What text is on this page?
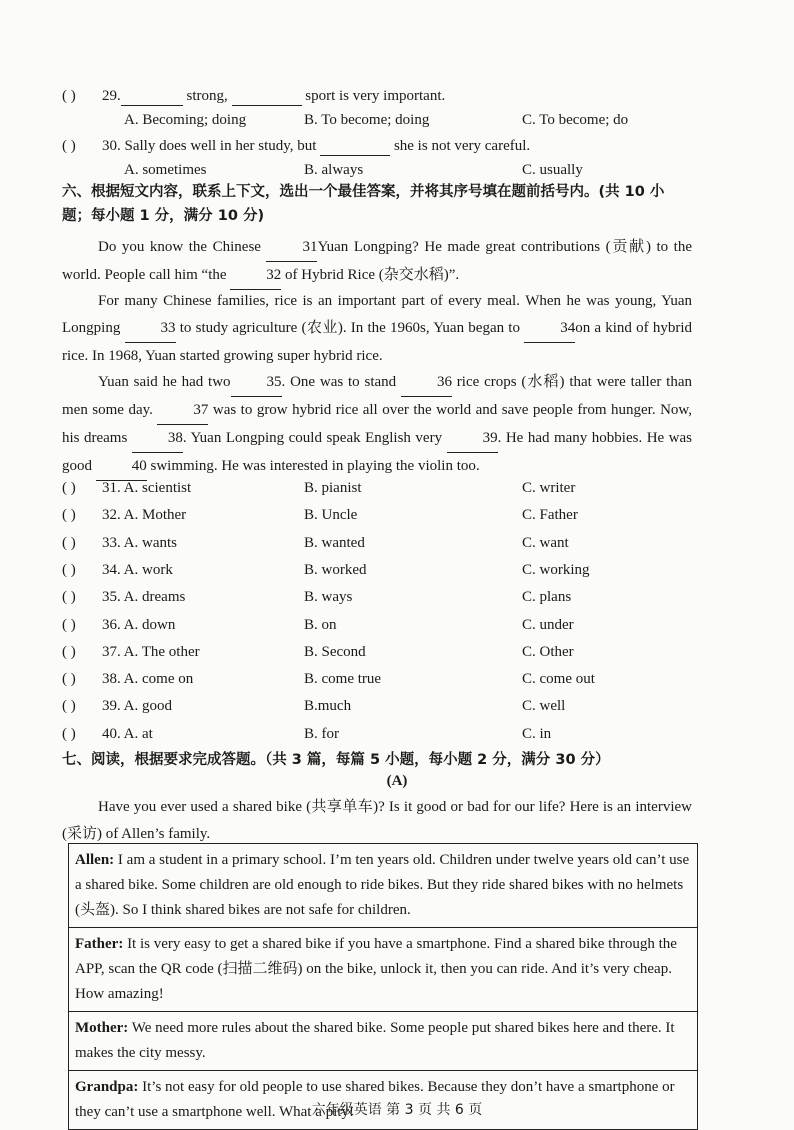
( ) 29.	strong,	sport is very important.
A. Becoming; doing	B. To become; doing	C. To become; do
( ) 30. Sally does well in her study, but	she is not very careful.
A. sometimes	B. always	C. usually
六、根据短文内容，联系上下文，选出一个最佳答案，并将其序号填在题前括号内。(共 10 小
题；每小题 1 分，满分 10 分)
Do you know the Chinese	31Yuan Longping? He made great contributions (贡献) to the world. People call him “the	32 of Hybrid Rice (杂交水稻)”.
For many Chinese families, rice is an important part of every meal. When he was young, Yuan Longping	33 to study agriculture (农业). In the 1960s, Yuan began to	34on a kind of hybrid rice. In 1968, Yuan started growing super hybrid rice.
Yuan said he had two 35. One was to stand	36 rice crops (水稻) that were taller than men some day.	37 was to grow hybrid rice all over the world and save people from hunger. Now, his dreams	38. Yuan Longping could speak English very	39. He had many hobbies. He was good	40 swimming. He was interested in playing the violin too.
( ) 31. A. scientist	B. pianist	C. writer
( ) 32. A. Mother	B. Uncle	C. Father
( ) 33. A. wants	B. wanted	C. want
( ) 34. A. work	B. worked	C. working
( ) 35. A. dreams	B. ways	C. plans
( ) 36. A. down	B. on	C. under
( ) 37. A. The other	B. Second	C. Other
( ) 38. A. come on	B. come true	C. come out
( ) 39. A. good	B.much	C. well
( ) 40. A. at	B. for	C. in
七、阅读，根据要求完成答题。（共 3 篇，每篇 5 小题，每小题 2 分，满分 30 分）
(A)
Have you ever used a shared bike (共享单车)? Is it good or bad for our life? Here is an interview (采访) of Allen’s family.
Allen: I am a student in a primary school. I’m ten years old. Children under twelve years old can’t use a shared bike. Some children are old enough to ride bikes. But they ride shared bikes with no helmets (头盔). So I think shared bikes are not safe for children.
Father: It is very easy to get a shared bike if you have a smartphone. Find a shared bike through the APP, scan the QR code (扫描二维码) on the bike, unlock it, then you can ride. And it’s very cheap. How amazing!
Mother: We need more rules about the shared bike. Some people put shared bikes here and there. It makes the city messy.
Grandpa: It’s not easy for old people to use shared bikes. Because they don’t have a smartphone or they can’t use a smartphone well. What a pity!
六年级英语 第 3 页 共 6 页
